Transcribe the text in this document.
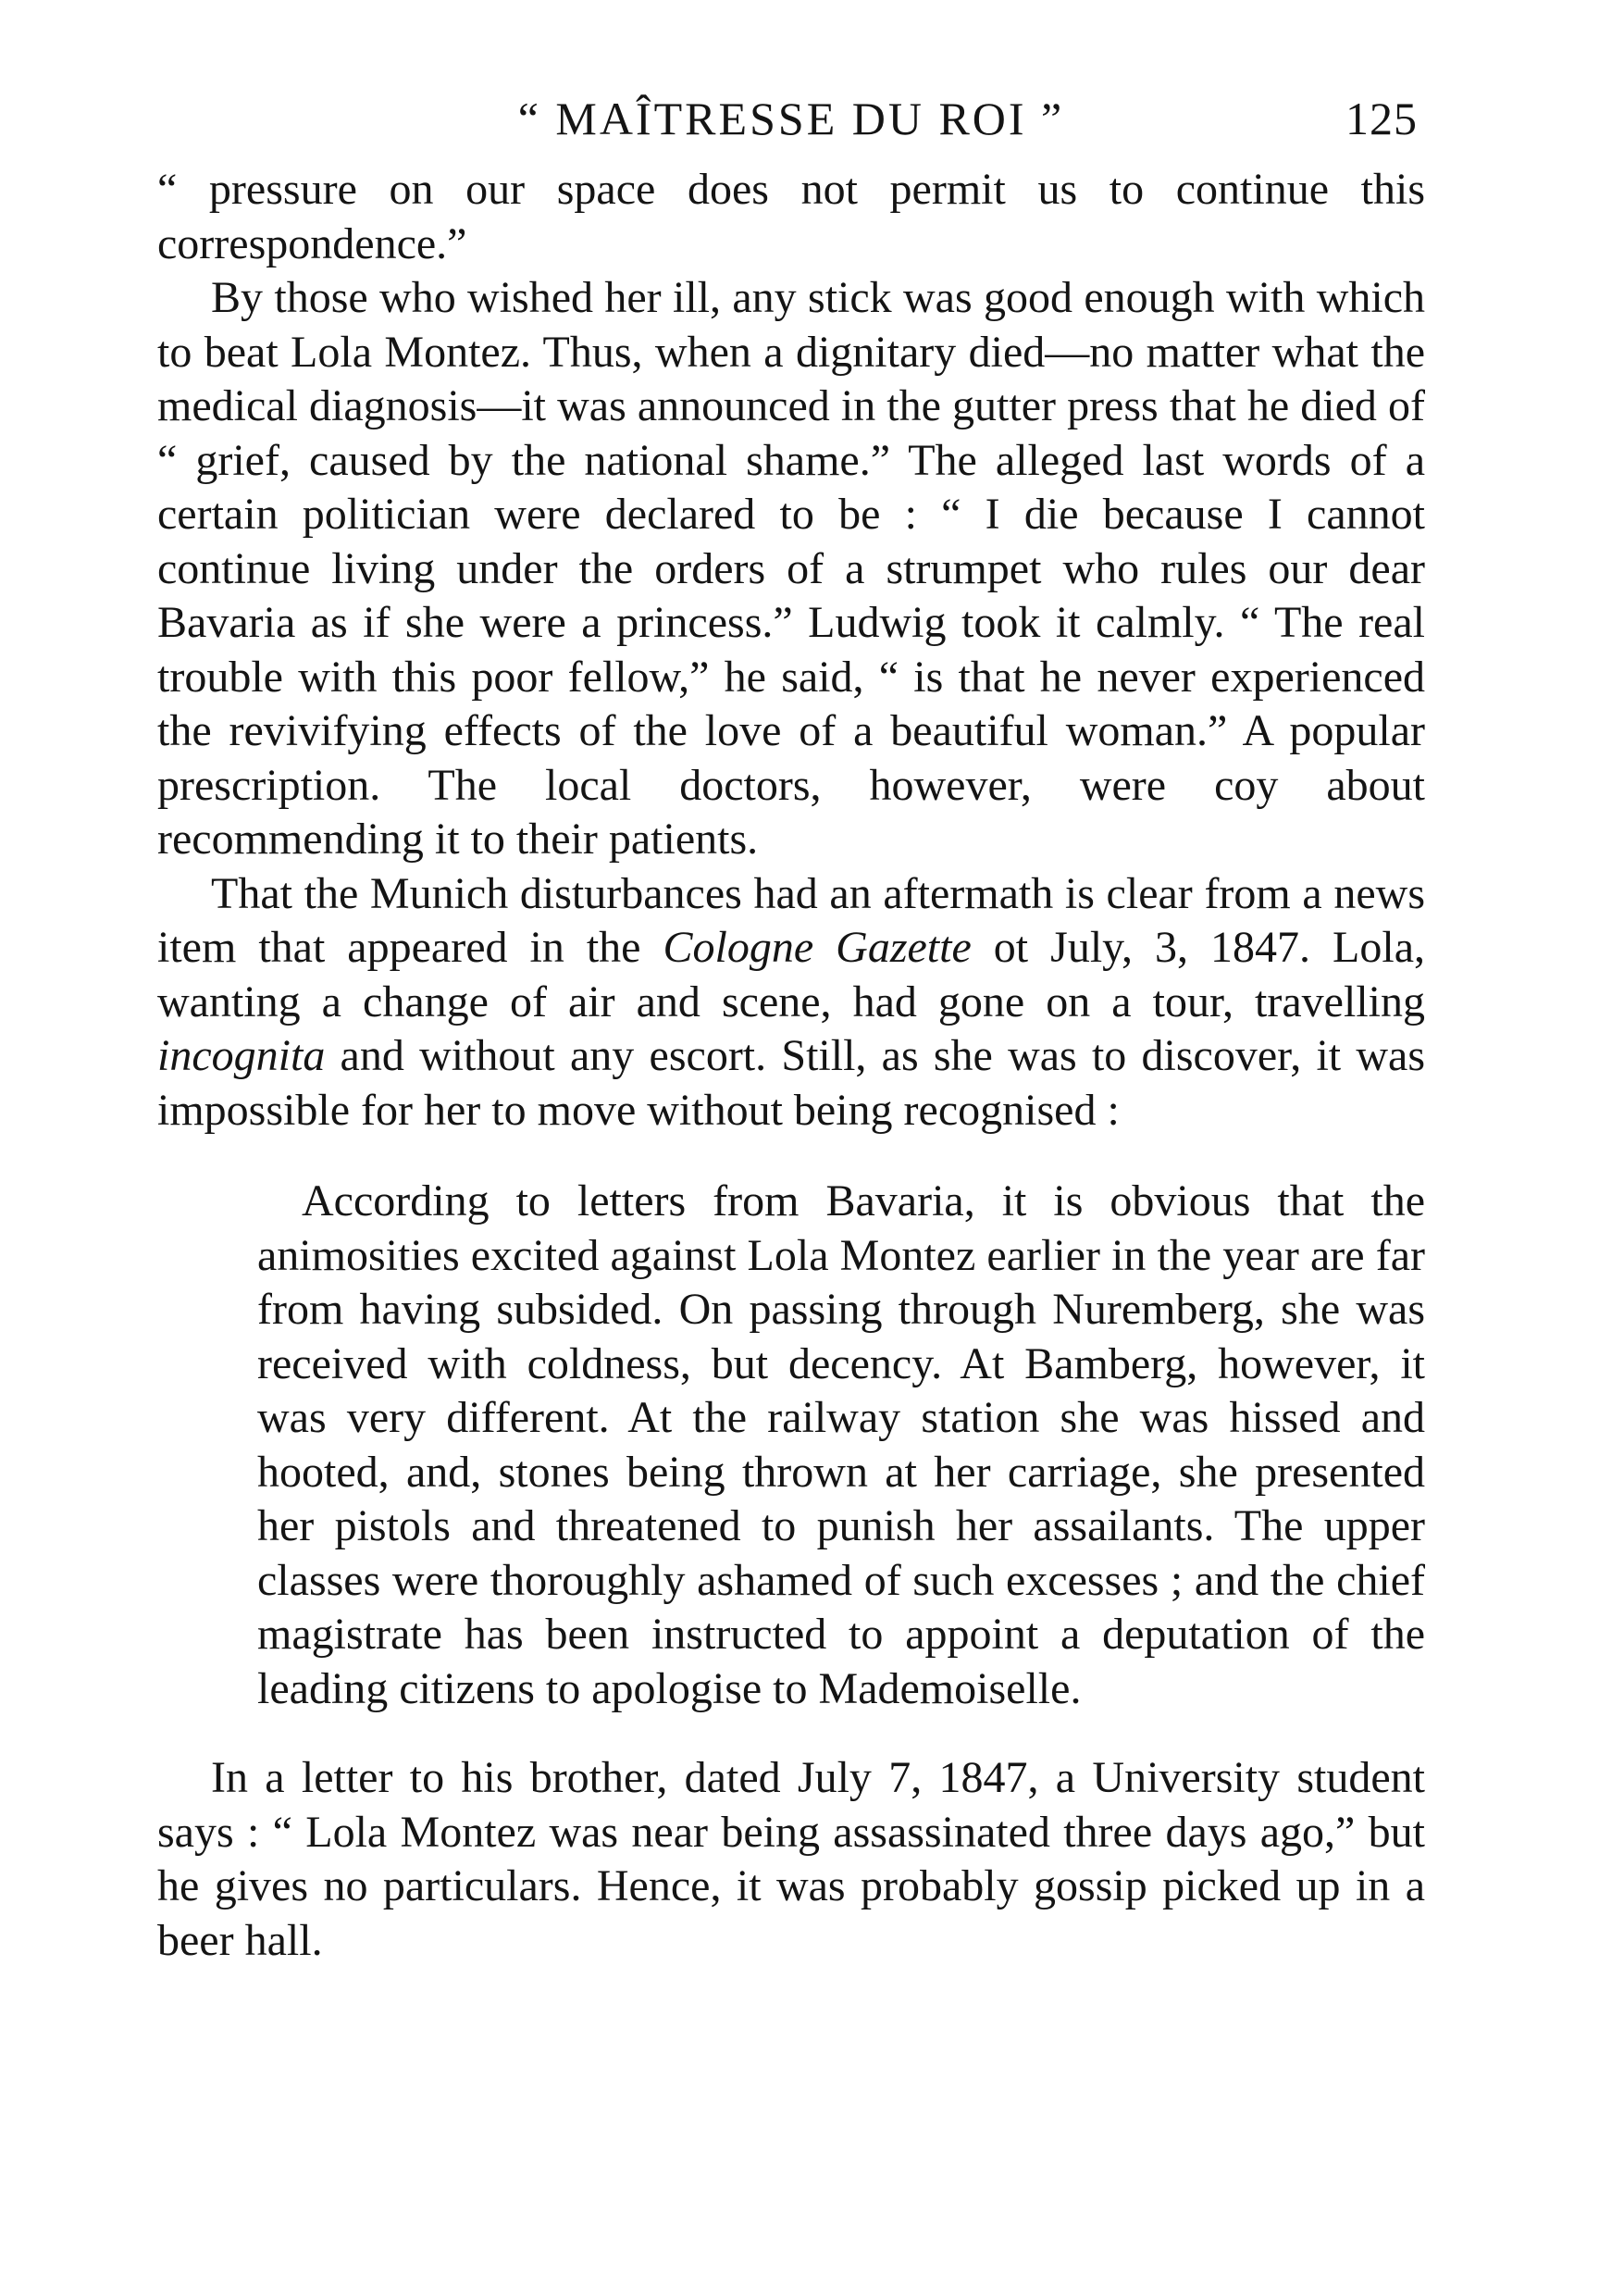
“ MAÎTRESSE DU ROI ”	125

“ pressure on our space does not permit us to continue this correspondence.”

By those who wished her ill, any stick was good enough with which to beat Lola Montez. Thus, when a dignitary died—no matter what the medical diagnosis—it was announced in the gutter press that he died of “ grief, caused by the national shame.” The alleged last words of a certain politician were declared to be : “ I die because I cannot continue living under the orders of a strumpet who rules our dear Bavaria as if she were a princess.” Ludwig took it calmly. “ The real trouble with this poor fellow,” he said, “ is that he never experienced the revivifying effects of the love of a beautiful woman.” A popular prescription. The local doctors, however, were coy about recommending it to their patients.

That the Munich disturbances had an aftermath is clear from a news item that appeared in the Cologne Gazette ot July, 3, 1847. Lola, wanting a change of air and scene, had gone on a tour, travelling incognita and without any escort. Still, as she was to discover, it was impossible for her to move without being recognised :

According to letters from Bavaria, it is obvious that the animosities excited against Lola Montez earlier in the year are far from having subsided. On passing through Nuremberg, she was received with coldness, but decency. At Bamberg, however, it was very different. At the railway station she was hissed and hooted, and, stones being thrown at her carriage, she presented her pistols and threatened to punish her assailants. The upper classes were thoroughly ashamed of such excesses ; and the chief magistrate has been instructed to appoint a deputation of the leading citizens to apologise to Mademoiselle.

In a letter to his brother, dated July 7, 1847, a University student says : “ Lola Montez was near being assassinated three days ago,” but he gives no particulars. Hence, it was probably gossip picked up in a beer hall.
